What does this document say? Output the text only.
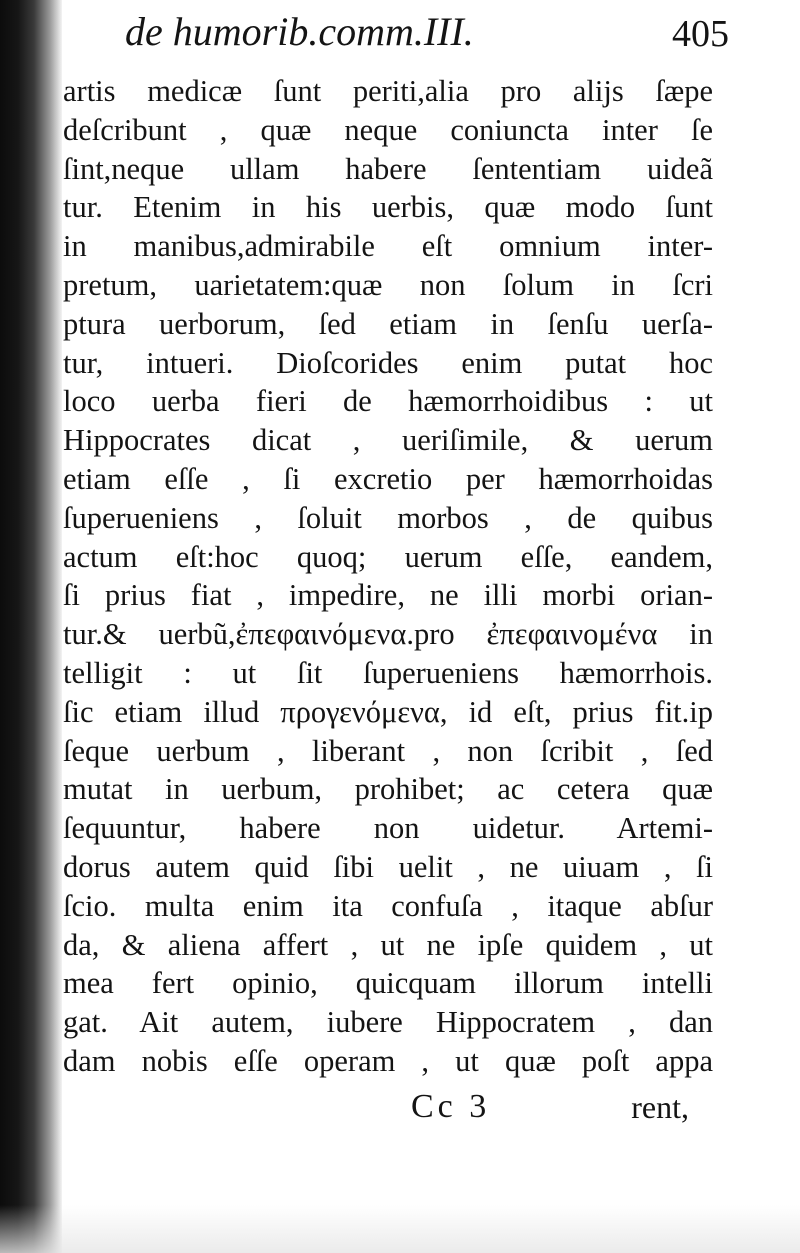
de humorib.comm.III.	405
artis medicæ ſunt periti,alia pro alijs ſæpe
deſcribunt , quæ neque coniuncta inter ſe
ſint,neque ullam habere ſententiam uideã
tur. Etenim in his uerbis, quæ modo ſunt
in manibus,admirabile eſt omnium inter-
pretum, uarietatem:quæ non ſolum in ſcri
ptura uerborum, ſed etiam in ſenſu uerſa-
tur, intueri. Dioſcorides enim putat hoc
loco uerba fieri de hæmorrhoidibus : ut
Hippocrates dicat , ueriſimile, & uerum
etiam eſſe , ſi excretio per hæmorrhoidas
ſuperueniens , ſoluit morbos , de quibus
actum eſt:hoc quoq; uerum eſſe, eandem,
ſi prius fiat , impedire, ne illi morbi orian-
tur.& uerbũ,ἐπεφαινόμενα.pro ἐπεφαινομένα in
telligit : ut ſit ſuperueniens hæmorrhois.
ſic etiam illud προγενόμενα, id eſt, prius fit.ip
ſeque uerbum , liberant , non ſcribit , ſed
mutat in uerbum, prohibet; ac cetera quæ
ſequuntur, habere non uidetur. Artemi-
dorus autem quid ſibi uelit , ne uiuam , ſi
ſcio. multa enim ita confuſa , itaque abſur
da, & aliena affert , ut ne ipſe quidem , ut
mea fert opinio, quicquam illorum intelli
gat. Ait autem, iubere Hippocratem , dan
dam nobis eſſe operam , ut quæ poſt appa
Cc 3	rent,
